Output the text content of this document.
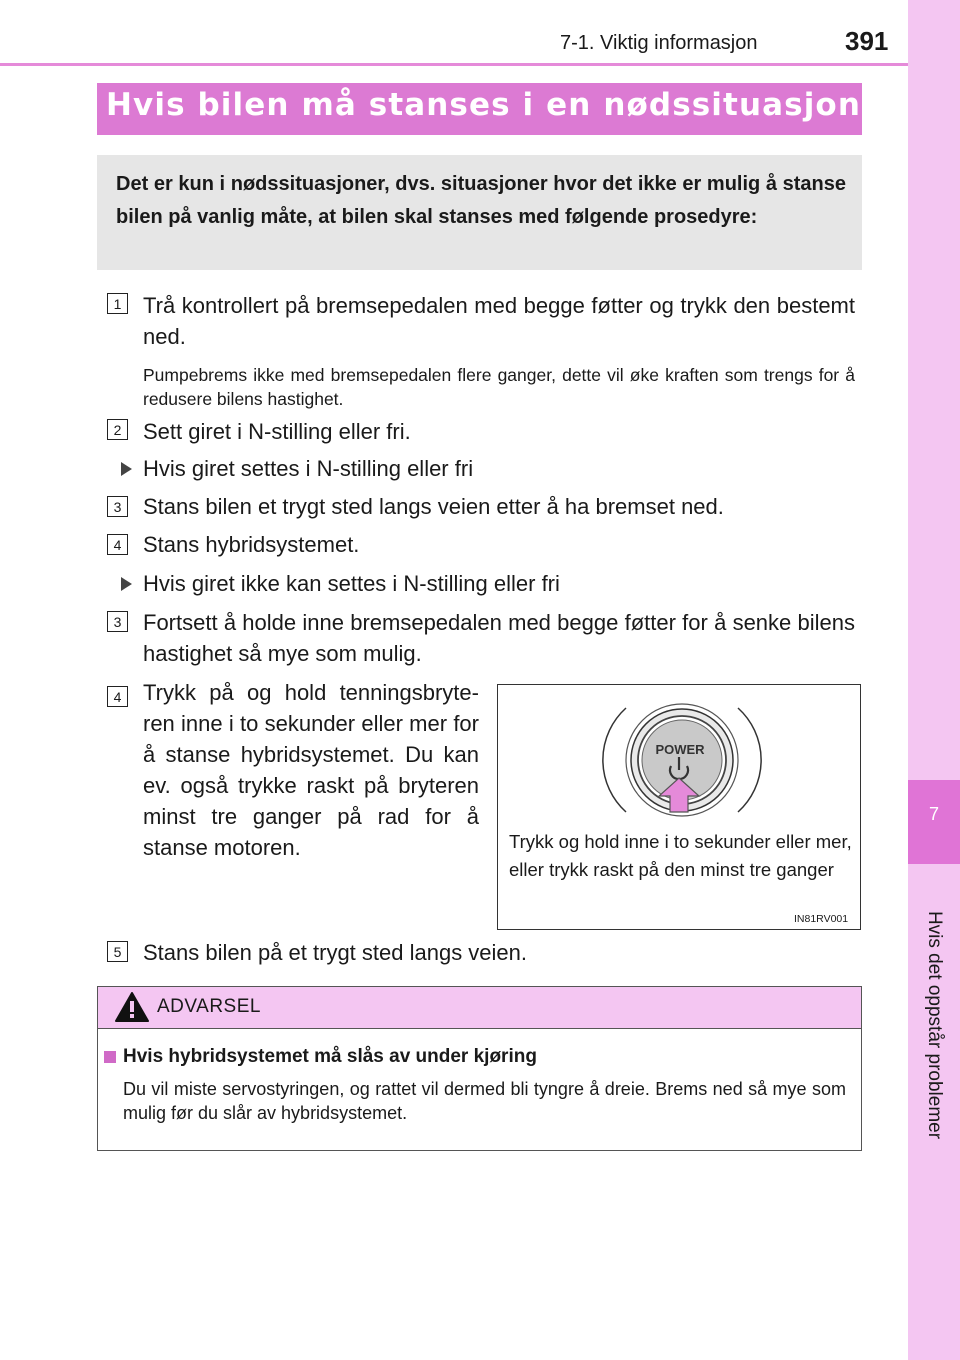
7
Hvis det oppstår problemer
7-1. Viktig informasjon	391
Hvis bilen må stanses i en nødssituasjon
Det er kun i nødssituasjoner, dvs. situasjoner hvor det ikke er mulig å stanse bilen på vanlig måte, at bilen skal stanses med følgende prosedyre:
1 Trå kontrollert på bremsepedalen med begge føtter og trykk den bestemt ned.
Pumpebrems ikke med bremsepedalen flere ganger, dette vil øke kraften som trengs for å redusere bilens hastighet.
2 Sett giret i N-stilling eller fri.
Hvis giret settes i N-stilling eller fri
3 Stans bilen et trygt sted langs veien etter å ha bremset ned.
4 Stans hybridsystemet.
Hvis giret ikke kan settes i N-stilling eller fri
3 Fortsett å holde inne bremsepedalen med begge føtter for å senke bilens hastighet så mye som mulig.
4 Trykk på og hold tenningsbryte-ren inne i to sekunder eller mer for å stanse hybridsystemet. Du kan ev. også trykke raskt på bryteren minst tre ganger på rad for å stanse motoren.
POWER
Trykk og hold inne i to sekunder eller mer, eller trykk raskt på den minst tre ganger
IN81RV001
5 Stans bilen på et trygt sted langs veien.
ADVARSEL
Hvis hybridsystemet må slås av under kjøring
Du vil miste servostyringen, og rattet vil dermed bli tyngre å dreie. Brems ned så mye som mulig før du slår av hybridsystemet.
